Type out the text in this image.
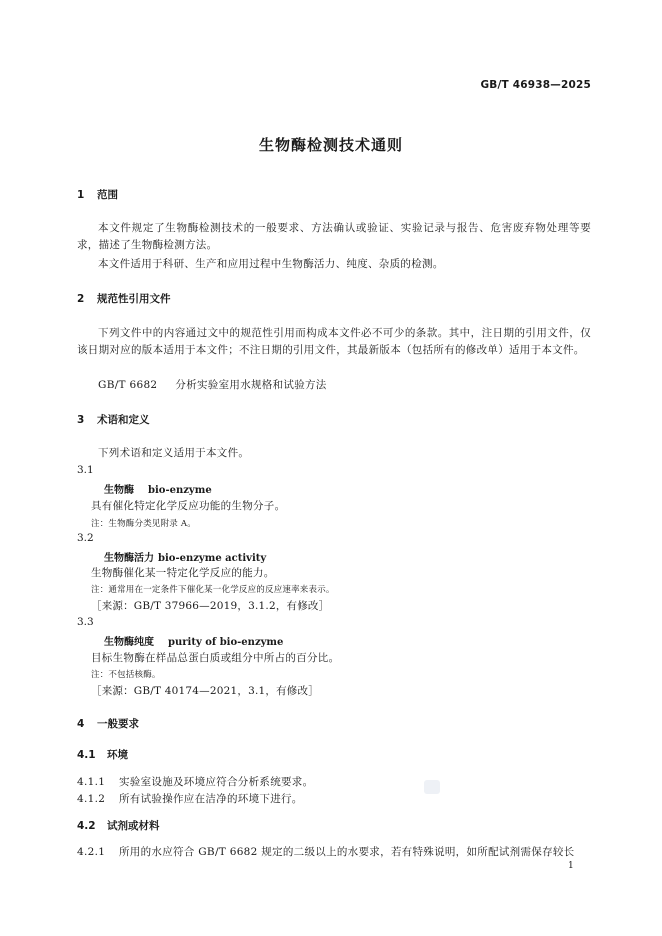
GB/T 46938—2025
生物酶检测技术通则
1 范围
本文件规定了生物酶检测技术的一般要求、方法确认或验证、实验记录与报告、危害废弃物处理等要求，描述了生物酶检测方法。
本文件适用于科研、生产和应用过程中生物酶活力、纯度、杂质的检测。
2 规范性引用文件
下列文件中的内容通过文中的规范性引用而构成本文件必不可少的条款。其中，注日期的引用文件，仅该日期对应的版本适用于本文件；不注日期的引用文件，其最新版本（包括所有的修改单）适用于本文件。
GB/T 6682 分析实验室用水规格和试验方法
3 术语和定义
下列术语和定义适用于本文件。
3.1
生物酶 bio-enzyme
具有催化特定化学反应功能的生物分子。
注：生物酶分类见附录 A。
3.2
生物酶活力 bio-enzyme activity
生物酶催化某一特定化学反应的能力。
注：通常用在一定条件下催化某一化学反应的反应速率来表示。
［来源：GB/T 37966—2019，3.1.2，有修改］
3.3
生物酶纯度 purity of bio-enzyme
目标生物酶在样品总蛋白质或组分中所占的百分比。
注：不包括核酶。
［来源：GB/T 40174—2021，3.1，有修改］
4 一般要求
4.1 环境
4.1.1 实验室设施及环境应符合分析系统要求。
4.1.2 所有试验操作应在洁净的环境下进行。
4.2 试剂或材料
4.2.1 所用的水应符合 GB/T 6682 规定的二级以上的水要求，若有特殊说明，如所配试剂需保存较长
1
